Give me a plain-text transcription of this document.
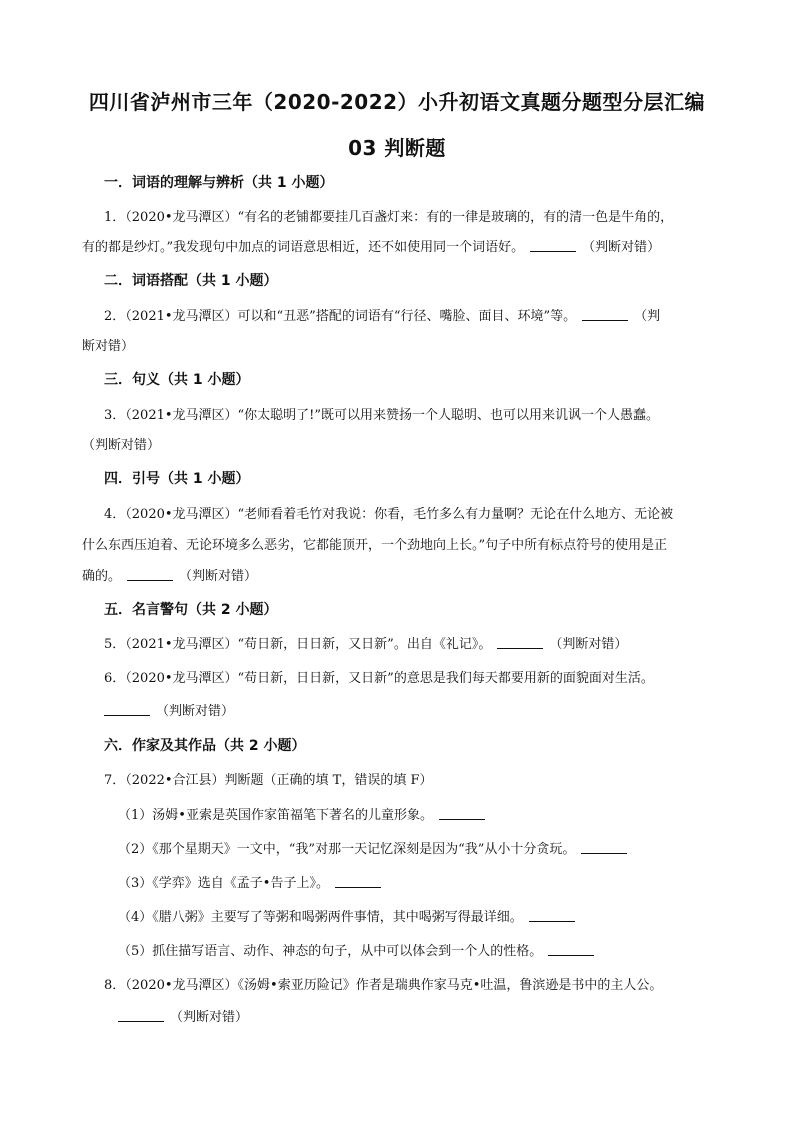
四川省泸州市三年（2020-2022）小升初语文真题分题型分层汇编
03 判断题
一．词语的理解与辨析（共 1 小题）
1．（2020•龙马潭区）“有名的老铺都要挂几百盏灯来：有的一律是玻璃的，有的清一色是牛角的，
有的都是纱灯。”我发现句中加点的词语意思相近，还不如使用同一个词语好。	（判断对错）
二．词语搭配（共 1 小题）
2．（2021•龙马潭区）可以和“丑恶”搭配的词语有“行径、嘴脸、面目、环境”等。	（判
断对错）
三．句义（共 1 小题）
3．（2021•龙马潭区）“你太聪明了!”既可以用来赞扬一个人聪明、也可以用来讥讽一个人愚蠢。
（判断对错）
四．引号（共 1 小题）
4．（2020•龙马潭区）“老师看着毛竹对我说：你看，毛竹多么有力量啊？无论在什么地方、无论被
什么东西压迫着、无论环境多么恶劣，它都能顶开，一个劲地向上长。”句子中所有标点符号的使用是正
确的。	（判断对错）
五．名言警句（共 2 小题）
5．（2021•龙马潭区）“苟日新，日日新，又日新”。出自《礼记》。	（判断对错）
6．（2020•龙马潭区）“苟日新，日日新，又日新”的意思是我们每天都要用新的面貌面对生活。
（判断对错）
六．作家及其作品（共 2 小题）
7．（2022•合江县）判断题（正确的填 T，错误的填 F）
（1）汤姆•亚索是英国作家笛福笔下著名的儿童形象。
（2）《那个星期天》一文中，“我”对那一天记忆深刻是因为“我”从小十分贪玩。
（3）《学弈》选自《孟子•告子上》。
（4）《腊八粥》主要写了等粥和喝粥两件事情，其中喝粥写得最详细。
（5）抓住描写语言、动作、神态的句子，从中可以体会到一个人的性格。
8．（2020•龙马潭区）《汤姆•索亚历险记》作者是瑞典作家马克•吐温，鲁滨逊是书中的主人公。
（判断对错）
